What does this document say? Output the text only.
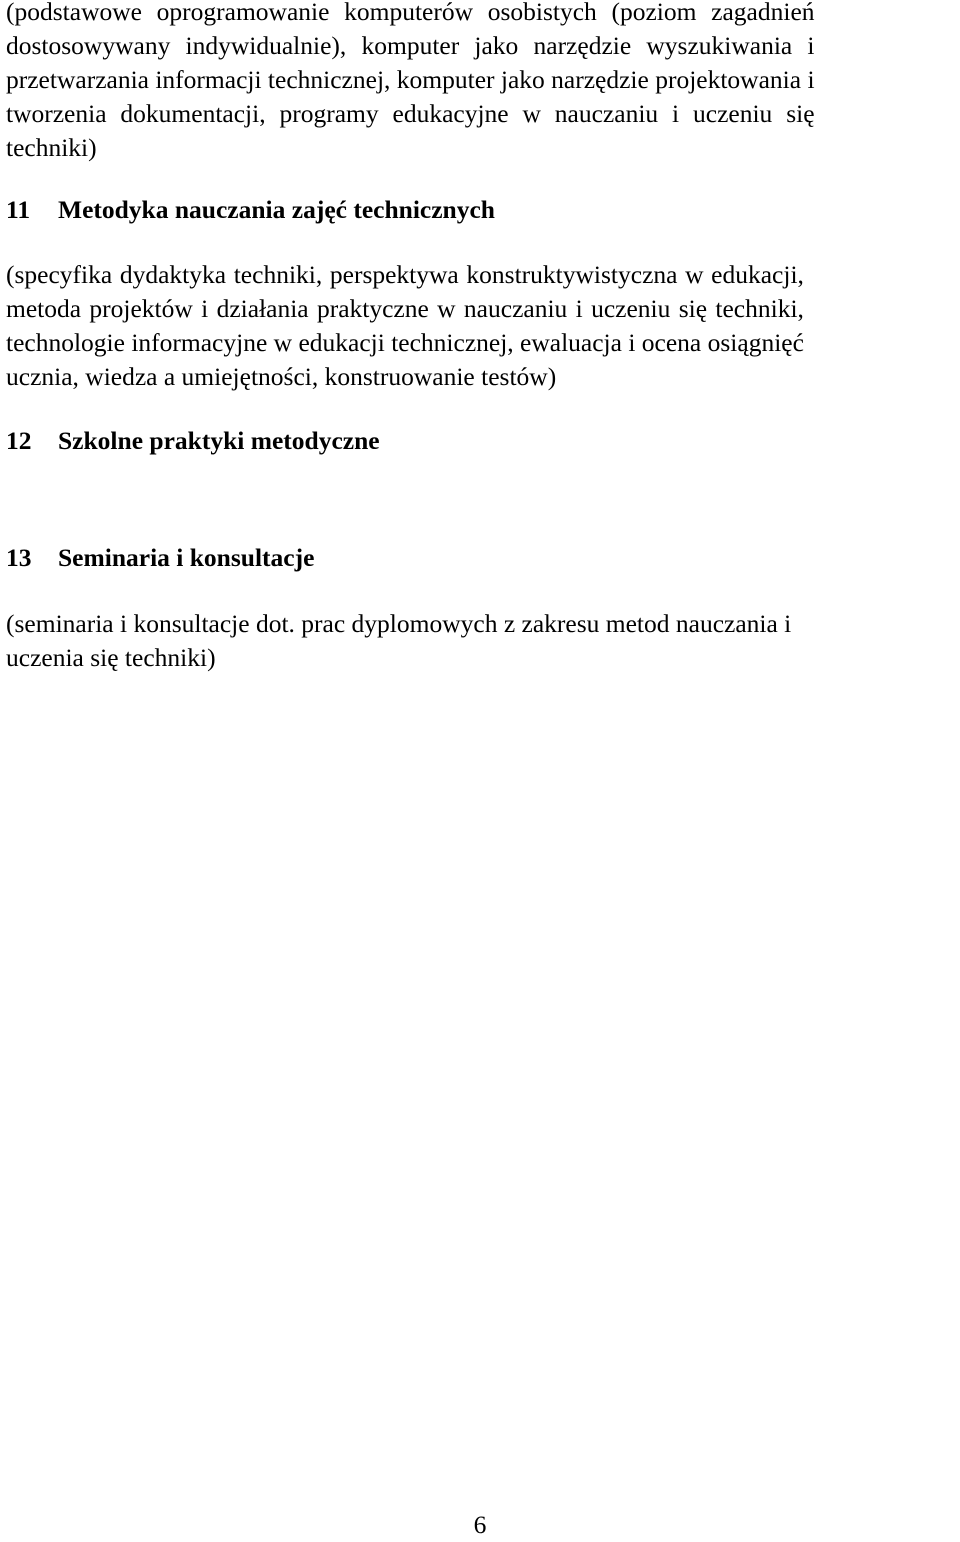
(podstawowe oprogramowanie komputerów osobistych (poziom zagadnień
dostosowywany indywidualnie), komputer jako narzędzie wyszukiwania i
przetwarzania informacji technicznej, komputer jako narzędzie projektowania i
tworzenia dokumentacji, programy edukacyjne w nauczaniu i uczeniu się
techniki)

11 Metodyka nauczania zajęć technicznych

(specyfika dydaktyka techniki, perspektywa konstruktywistyczna w edukacji,
metoda projektów i działania praktyczne w nauczaniu i uczeniu się techniki,
technologie informacyjne w edukacji technicznej, ewaluacja i ocena osiągnięć
ucznia, wiedza a umiejętności, konstruowanie testów)

12 Szkolne praktyki metodyczne
13 Seminaria i konsultacje

(seminaria i konsultacje dot. prac dyplomowych z zakresu metod nauczania i
uczenia się techniki)

6
